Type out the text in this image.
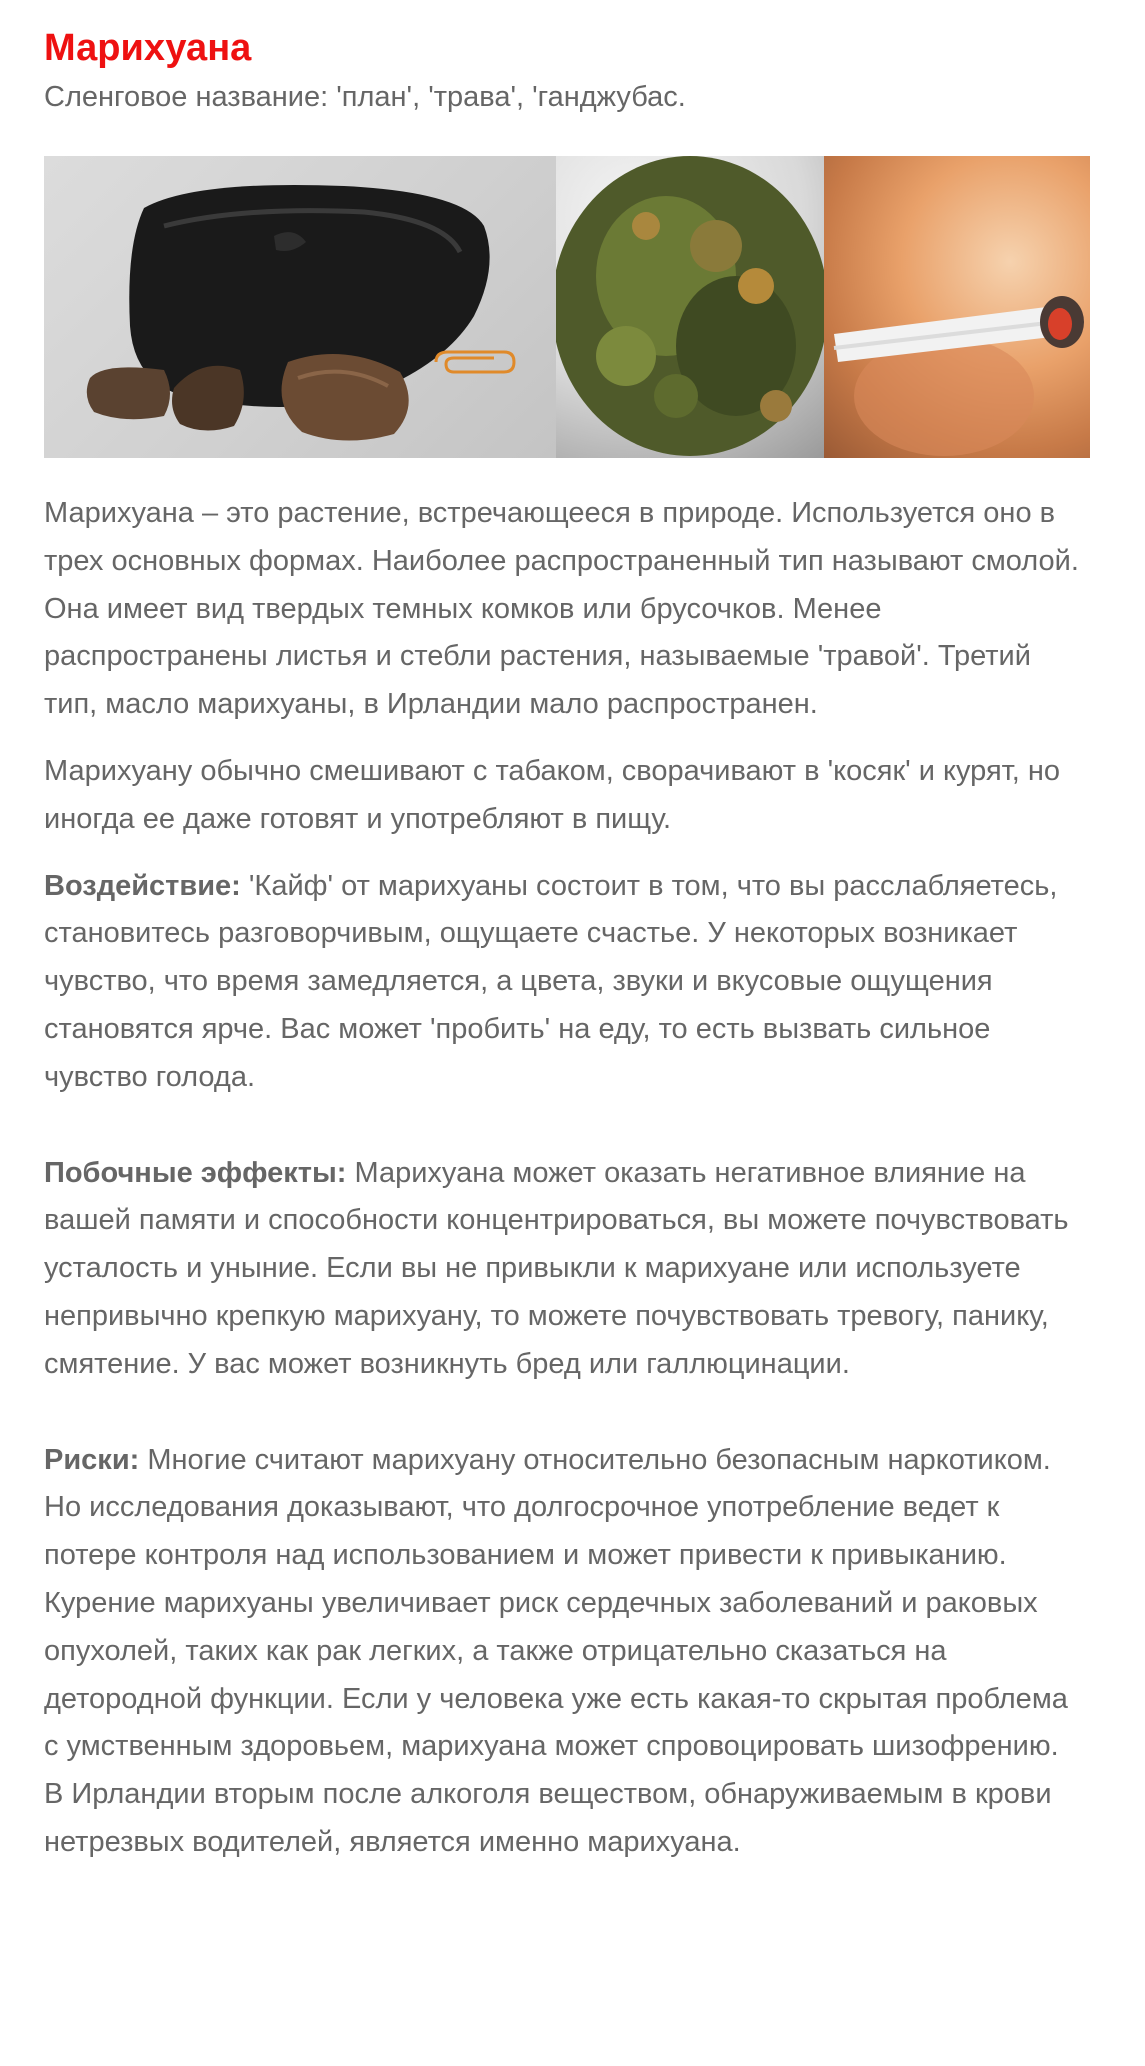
Марихуана

Сленговое название: 'план', 'трава', 'ганджубас.

Марихуана – это растение, встречающееся в природе. Используется оно в трех основных формах. Наиболее распространенный тип называют смолой. Она имеет вид твердых темных комков или брусочков. Менее распространены листья и стебли растения, называемые 'травой'. Третий тип, масло марихуаны, в Ирландии мало распространен.

Марихуану обычно смешивают с табаком, сворачивают в 'косяк' и курят, но иногда ее даже готовят и употребляют в пищу.

Воздействие: 'Кайф' от марихуаны состоит в том, что вы расслабляетесь, становитесь разговорчивым, ощущаете счастье. У некоторых возникает чувство, что время замедляется, а цвета, звуки и вкусовые ощущения становятся ярче. Вас может 'пробить' на еду, то есть вызвать сильное чувство голода.

Побочные эффекты: Марихуана может оказать негативное влияние на вашей памяти и способности концентрироваться, вы можете почувствовать усталость и уныние. Если вы не привыкли к марихуане или используете непривычно крепкую марихуану, то можете почувствовать тревогу, панику, смятение. У вас может возникнуть бред или галлюцинации.

Риски: Многие считают марихуану относительно безопасным наркотиком. Но исследования доказывают, что долгосрочное употребление ведет к потере контроля над использованием и может привести к привыканию. Курение марихуаны увеличивает риск сердечных заболеваний и раковых опухолей, таких как рак легких, а также отрицательно сказаться на детородной функции. Если у человека уже есть какая-то скрытая проблема с умственным здоровьем, марихуана может спровоцировать шизофрению. В Ирландии вторым после алкоголя веществом, обнаруживаемым в крови нетрезвых водителей, является именно марихуана.
